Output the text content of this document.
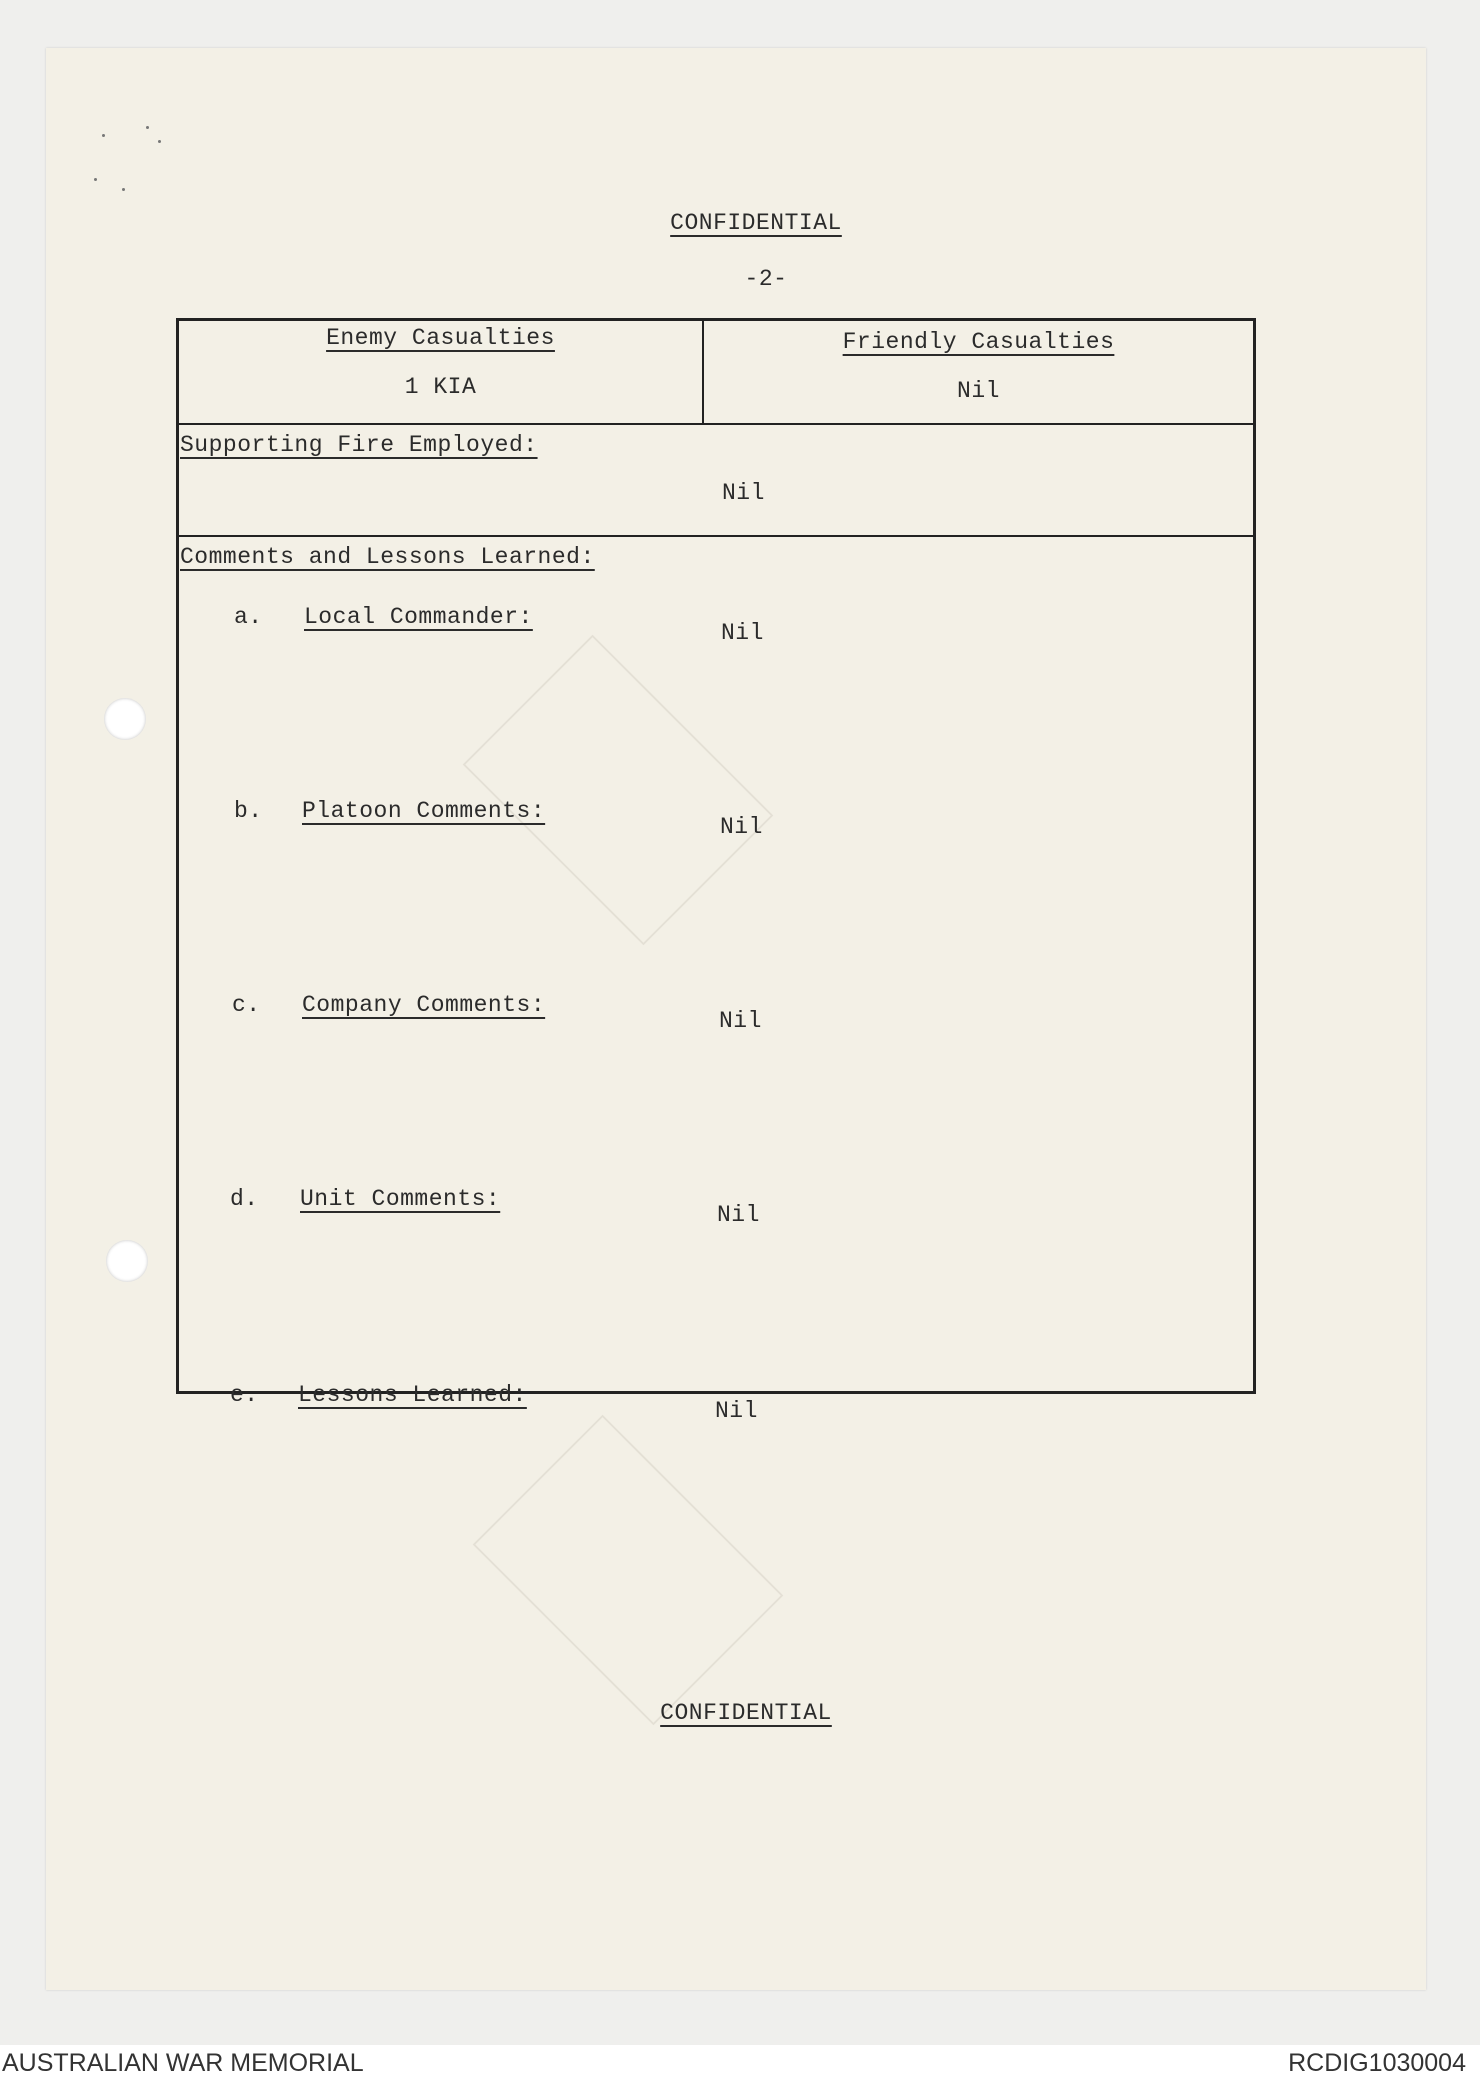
CONFIDENTIAL
-2-
Enemy Casualties
1 KIA
Friendly Casualties
Nil
Supporting Fire Employed:
Nil
Comments and Lessons Learned:
a. Local Commander:
Nil
b. Platoon Comments:
Nil
c. Company Comments:
Nil
d. Unit Comments:
Nil
e. Lessons Learned:
Nil
CONFIDENTIAL
AUSTRALIAN WAR MEMORIAL	RCDIG1030004
